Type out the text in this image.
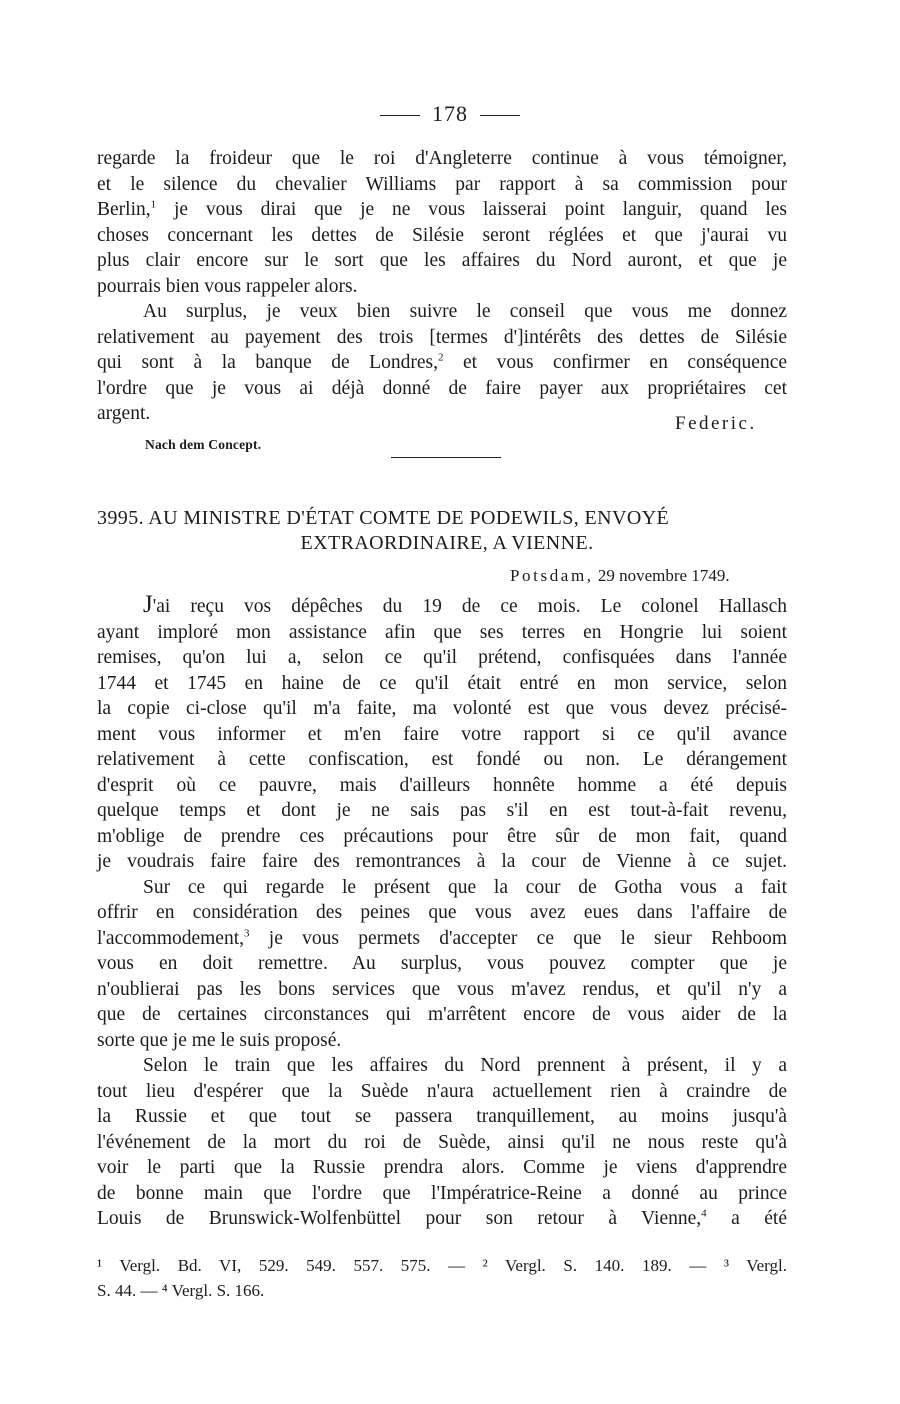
178
regarde la froideur que le roi d'Angleterre continue à vous témoigner,
et le silence du chevalier Williams par rapport à sa commission pour
Berlin,$^1$ je vous dirai que je ne vous laisserai point languir, quand les
choses concernant les dettes de Silésie seront réglées et que j'aurai vu
plus clair encore sur le sort que les affaires du Nord auront, et que je
pourrais bien vous rappeler alors.
Au surplus, je veux bien suivre le conseil que vous me donnez
relativement au payement des trois [termes d']intérêts des dettes de Silésie
qui sont à la banque de Londres,$^2$ et vous confirmer en conséquence
l'ordre que je vous ai déjà donné de faire payer aux propriétaires cet
argent.	Federic.
Nach dem Concept.
3995. AU MINISTRE D'ÉTAT COMTE DE PODEWILS, ENVOYÉ
EXTRAORDINAIRE, A VIENNE.
Potsdam, 29 novembre 1749.
J'ai reçu vos dépêches du 19 de ce mois. Le colonel Hallasch
ayant imploré mon assistance afin que ses terres en Hongrie lui soient
remises, qu'on lui a, selon ce qu'il prétend, confisquées dans l'année
1744 et 1745 en haine de ce qu'il était entré en mon service, selon
la copie ci-close qu'il m'a faite, ma volonté est que vous devez précisé-
ment vous informer et m'en faire votre rapport si ce qu'il avance
relativement à cette confiscation, est fondé ou non. Le dérangement
d'esprit où ce pauvre, mais d'ailleurs honnête homme a été depuis
quelque temps et dont je ne sais pas s'il en est tout-à-fait revenu,
m'oblige de prendre ces précautions pour être sûr de mon fait, quand
je voudrais faire faire des remontrances à la cour de Vienne à ce sujet.
Sur ce qui regarde le présent que la cour de Gotha vous a fait
offrir en considération des peines que vous avez eues dans l'affaire de
l'accommodement,$^3$ je vous permets d'accepter ce que le sieur Rehboom
vous en doit remettre. Au surplus, vous pouvez compter que je
n'oublierai pas les bons services que vous m'avez rendus, et qu'il n'y a
que de certaines circonstances qui m'arrêtent encore de vous aider de la
sorte que je me le suis proposé.
Selon le train que les affaires du Nord prennent à présent, il y a
tout lieu d'espérer que la Suède n'aura actuellement rien à craindre de
la Russie et que tout se passera tranquillement, au moins jusqu'à
l'événement de la mort du roi de Suède, ainsi qu'il ne nous reste qu'à
voir le parti que la Russie prendra alors. Comme je viens d'apprendre
de bonne main que l'ordre que l'Impératrice-Reine a donné au prince
Louis de Brunswick-Wolfenbüttel pour son retour à Vienne,$^4$ a été
¹ Vergl. Bd. VI, 529. 549. 557. 575. — ² Vergl. S. 140. 189. — ³ Vergl.
S. 44. — ⁴ Vergl. S. 166.
